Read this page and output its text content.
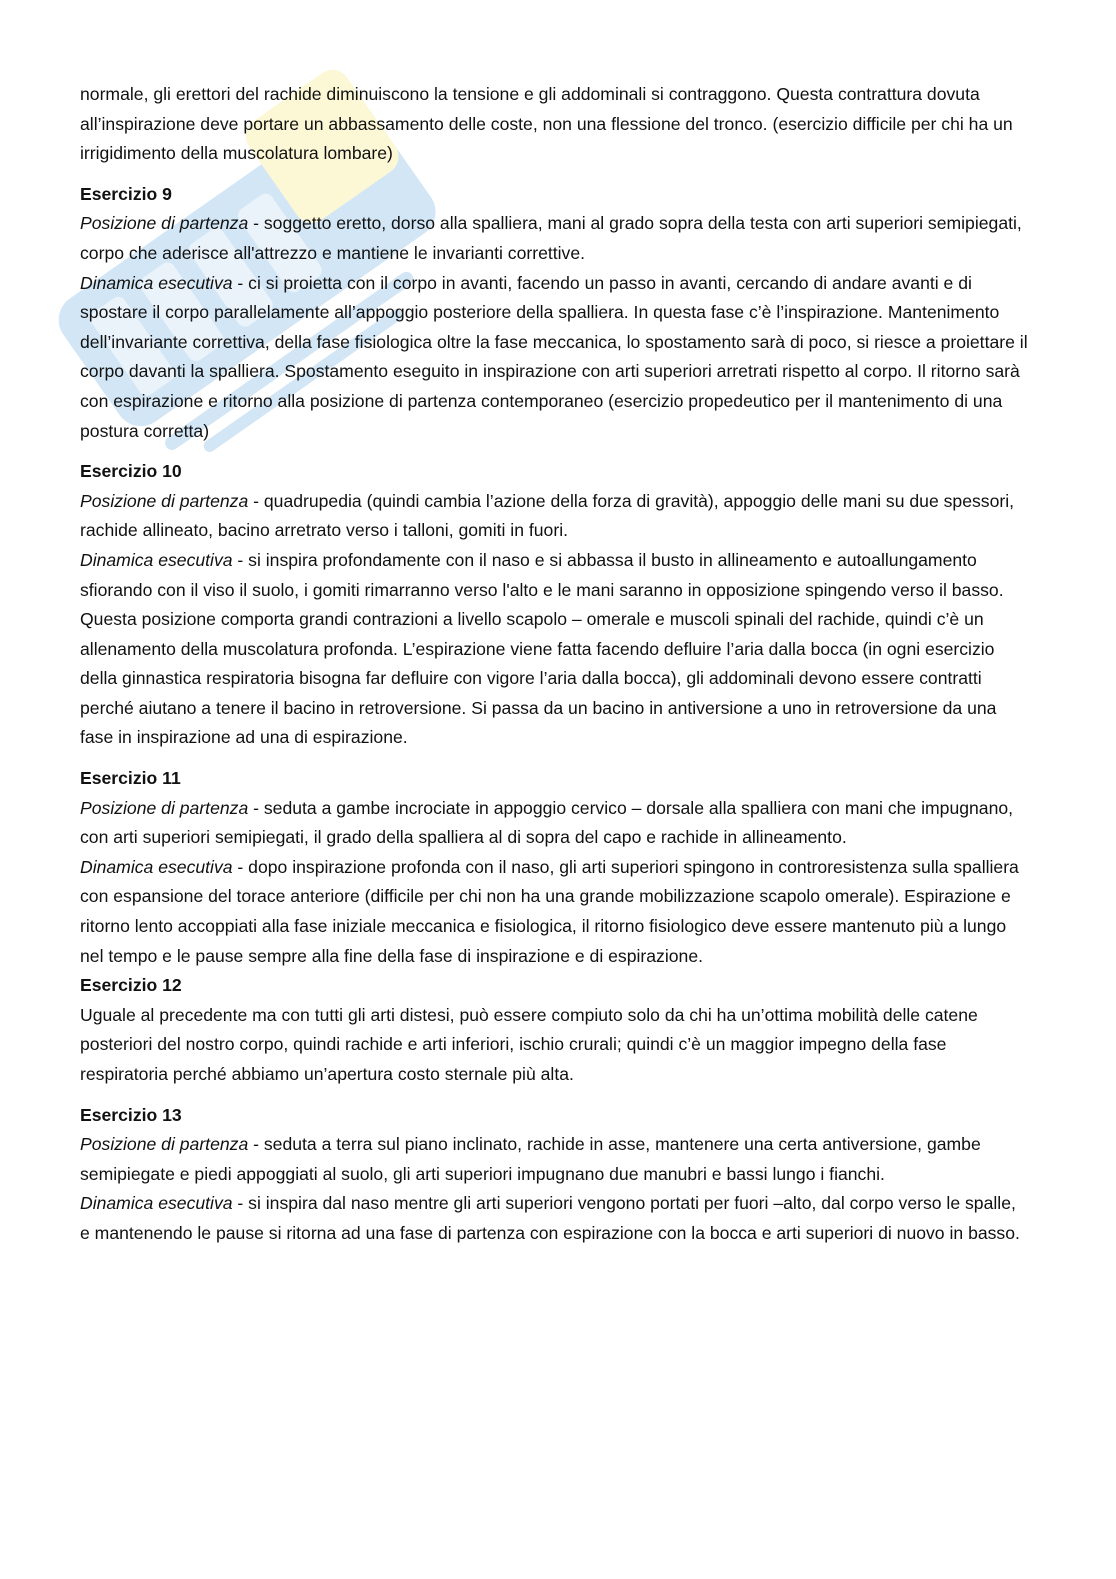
normale, gli erettori del rachide diminuiscono la tensione e gli addominali si contraggono. Questa contrattura dovuta all’inspirazione deve portare un abbassamento delle coste, non una flessione del tronco. (esercizio difficile per chi ha un irrigidimento della muscolatura lombare)

Esercizio 9

Posizione di partenza - soggetto eretto, dorso alla spalliera, mani al grado sopra della testa con arti superiori semipiegati, corpo che aderisce all'attrezzo e mantiene le invarianti correttive.

Dinamica esecutiva - ci si proietta con il corpo in avanti, facendo un passo in avanti, cercando di andare avanti e di spostare il corpo parallelamente all’appoggio posteriore della spalliera. In questa fase c’è l’inspirazione. Mantenimento dell’invariante correttiva, della fase fisiologica oltre la fase meccanica, lo spostamento sarà di poco, si riesce a proiettare il corpo davanti la spalliera. Spostamento eseguito in inspirazione con arti superiori arretrati rispetto al corpo. Il ritorno sarà con espirazione e ritorno alla posizione di partenza contemporaneo (esercizio propedeutico per il mantenimento di una postura corretta)

Esercizio 10

Posizione di partenza - quadrupedia (quindi cambia l’azione della forza di gravità), appoggio delle mani su due spessori, rachide allineato, bacino arretrato verso i talloni, gomiti in fuori.

Dinamica esecutiva - si inspira profondamente con il naso e si abbassa il busto in allineamento e autoallungamento sfiorando con il viso il suolo, i gomiti rimarranno verso l'alto e le mani saranno in opposizione spingendo verso il basso. Questa posizione comporta grandi contrazioni a livello scapolo – omerale e muscoli spinali del rachide, quindi c’è un allenamento della muscolatura profonda. L’espirazione viene fatta facendo defluire l’aria dalla bocca (in ogni esercizio della ginnastica respiratoria bisogna far defluire con vigore l’aria dalla bocca), gli addominali devono essere contratti perché aiutano a tenere il bacino in retroversione. Si passa da un bacino in antiversione a uno in retroversione da una fase in inspirazione ad una di espirazione.

Esercizio 11

Posizione di partenza - seduta a gambe incrociate in appoggio cervico – dorsale alla spalliera con mani che impugnano, con arti superiori semipiegati, il grado della spalliera al di sopra del capo e rachide in allineamento.

Dinamica esecutiva - dopo inspirazione profonda con il naso, gli arti superiori spingono in controresistenza sulla spalliera con espansione del torace anteriore (difficile per chi non ha una grande mobilizzazione scapolo omerale). Espirazione e ritorno lento accoppiati alla fase iniziale meccanica e fisiologica, il ritorno fisiologico deve essere mantenuto più a lungo nel tempo e le pause sempre alla fine della fase di inspirazione e di espirazione.

Esercizio 12

Uguale al precedente ma con tutti gli arti distesi, può essere compiuto solo da chi ha un’ottima mobilità delle catene posteriori del nostro corpo, quindi rachide e arti inferiori, ischio crurali; quindi c’è un maggior impegno della fase respiratoria perché abbiamo un’apertura costo sternale più alta.

Esercizio 13

Posizione di partenza - seduta a terra sul piano inclinato, rachide in asse, mantenere una certa antiversione, gambe semipiegate e piedi appoggiati al suolo, gli arti superiori impugnano due manubri e bassi lungo i fianchi.

Dinamica esecutiva - si inspira dal naso mentre gli arti superiori vengono portati per fuori –alto, dal corpo verso le spalle, e mantenendo le pause si ritorna ad una fase di partenza con espirazione con la bocca e arti superiori di nuovo in basso.
